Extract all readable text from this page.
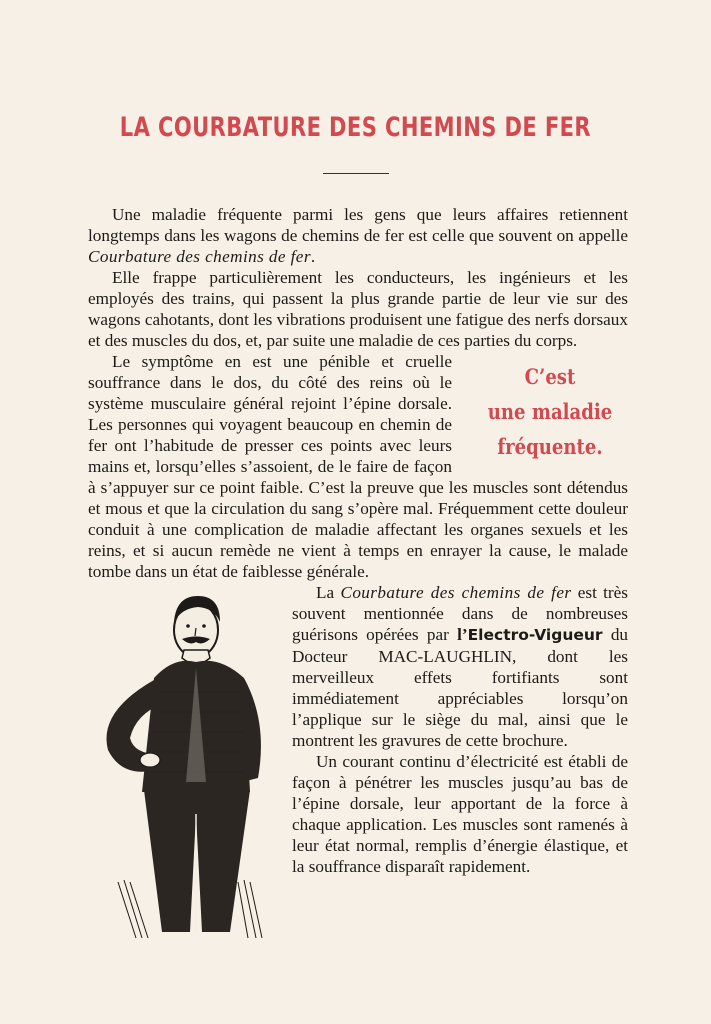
LA COURBATURE DES CHEMINS DE FER

Une maladie fréquente parmi les gens que leurs affaires retiennent longtemps dans les wagons de chemins de fer est celle que souvent on appelle Courbature des chemins de fer.

Elle frappe particulièrement les conducteurs, les ingénieurs et les employés des trains, qui passent la plus grande partie de leur vie sur des wagons cahotants, dont les vibrations produisent une fatigue des nerfs dorsaux et des muscles du dos, et, par suite une maladie de ces parties du corps.

C’est
une maladie
fréquente.

Le symptôme en est une pénible et cruelle souffrance dans le dos, du côté des reins où le système musculaire général rejoint l’épine dorsale. Les personnes qui voyagent beaucoup en chemin de fer ont l’habitude de presser ces points avec leurs mains et, lorsqu’elles s’assoient, de le faire de façon à s’appuyer sur ce point faible. C’est la preuve que les muscles sont détendus et mous et que la circulation du sang s’opère mal. Fréquemment cette douleur conduit à une complication de maladie affectant les organes sexuels et les reins, et si aucun remède ne vient à temps en enrayer la cause, le malade tombe dans un état de faiblesse générale.

La Courbature des chemins de fer est très souvent mentionnée dans de nombreuses guérisons opérées par l’Electro-Vigueur du Docteur MAC-LAUGHLIN, dont les merveilleux effets fortifiants sont immédiatement appréciables lorsqu’on l’applique sur le siège du mal, ainsi que le montrent les gravures de cette brochure.

Un courant continu d’électricité est établi de façon à pénétrer les muscles jusqu’au bas de l’épine dorsale, leur apportant de la force à chaque application. Les muscles sont ramenés à leur état normal, remplis d’énergie élastique, et la souffrance disparaît rapidement.
